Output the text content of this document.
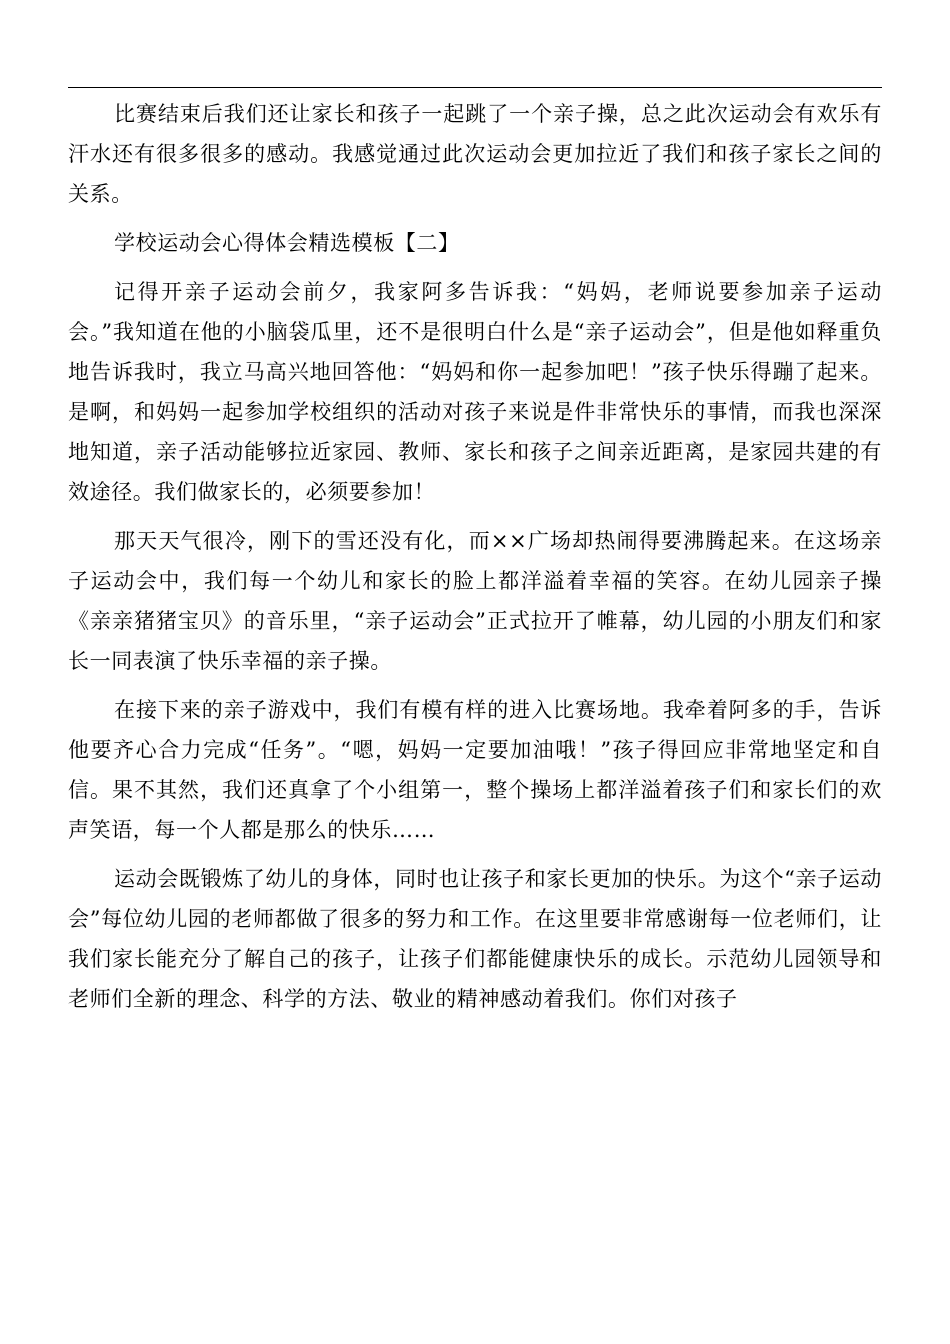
比赛结束后我们还让家长和孩子一起跳了一个亲子操，总之此次运动会有欢乐有汗水还有很多很多的感动。我感觉通过此次运动会更加拉近了我们和孩子家长之间的关系。

学校运动会心得体会精选模板【二】

记得开亲子运动会前夕，我家阿多告诉我：“妈妈，老师说要参加亲子运动会。”我知道在他的小脑袋瓜里，还不是很明白什么是“亲子运动会”，但是他如释重负地告诉我时，我立马高兴地回答他：“妈妈和你一起参加吧！”孩子快乐得蹦了起来。是啊，和妈妈一起参加学校组织的活动对孩子来说是件非常快乐的事情，而我也深深地知道，亲子活动能够拉近家园、教师、家长和孩子之间亲近距离，是家园共建的有效途径。我们做家长的，必须要参加！

那天天气很冷，刚下的雪还没有化，而××广场却热闹得要沸腾起来。在这场亲子运动会中，我们每一个幼儿和家长的脸上都洋溢着幸福的笑容。在幼儿园亲子操《亲亲猪猪宝贝》的音乐里，“亲子运动会”正式拉开了帷幕，幼儿园的小朋友们和家长一同表演了快乐幸福的亲子操。

在接下来的亲子游戏中，我们有模有样的进入比赛场地。我牵着阿多的手，告诉他要齐心合力完成“任务”。“嗯，妈妈一定要加油哦！”孩子得回应非常地坚定和自信。果不其然，我们还真拿了个小组第一，整个操场上都洋溢着孩子们和家长们的欢声笑语，每一个人都是那么的快乐……

运动会既锻炼了幼儿的身体，同时也让孩子和家长更加的快乐。为这个“亲子运动会”每位幼儿园的老师都做了很多的努力和工作。在这里要非常感谢每一位老师们，让我们家长能充分了解自己的孩子，让孩子们都能健康快乐的成长。示范幼儿园领导和老师们全新的理念、科学的方法、敬业的精神感动着我们。你们对孩子
